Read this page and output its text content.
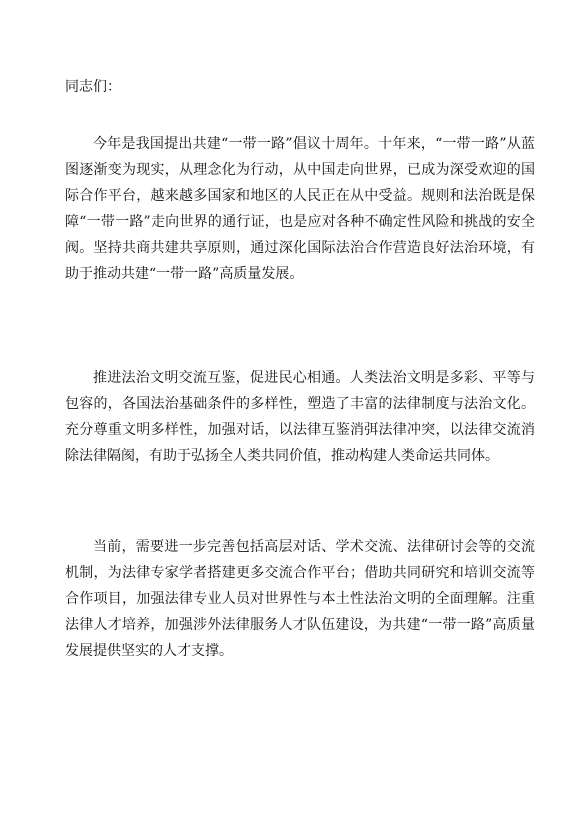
同志们：

今年是我国提出共建“一带一路”倡议十周年。十年来，“一带一路”从蓝图逐渐变为现实，从理念化为行动，从中国走向世界，已成为深受欢迎的国际合作平台，越来越多国家和地区的人民正在从中受益。规则和法治既是保障“一带一路”走向世界的通行证，也是应对各种不确定性风险和挑战的安全阀。坚持共商共建共享原则，通过深化国际法治合作营造良好法治环境，有助于推动共建“一带一路”高质量发展。

推进法治文明交流互鉴，促进民心相通。人类法治文明是多彩、平等与包容的，各国法治基础条件的多样性，塑造了丰富的法律制度与法治文化。充分尊重文明多样性，加强对话，以法律互鉴消弭法律冲突，以法律交流消除法律隔阂，有助于弘扬全人类共同价值，推动构建人类命运共同体。

当前，需要进一步完善包括高层对话、学术交流、法律研讨会等的交流机制，为法律专家学者搭建更多交流合作平台；借助共同研究和培训交流等合作项目，加强法律专业人员对世界性与本土性法治文明的全面理解。注重法律人才培养，加强涉外法律服务人才队伍建设，为共建“一带一路”高质量发展提供坚实的人才支撑。
